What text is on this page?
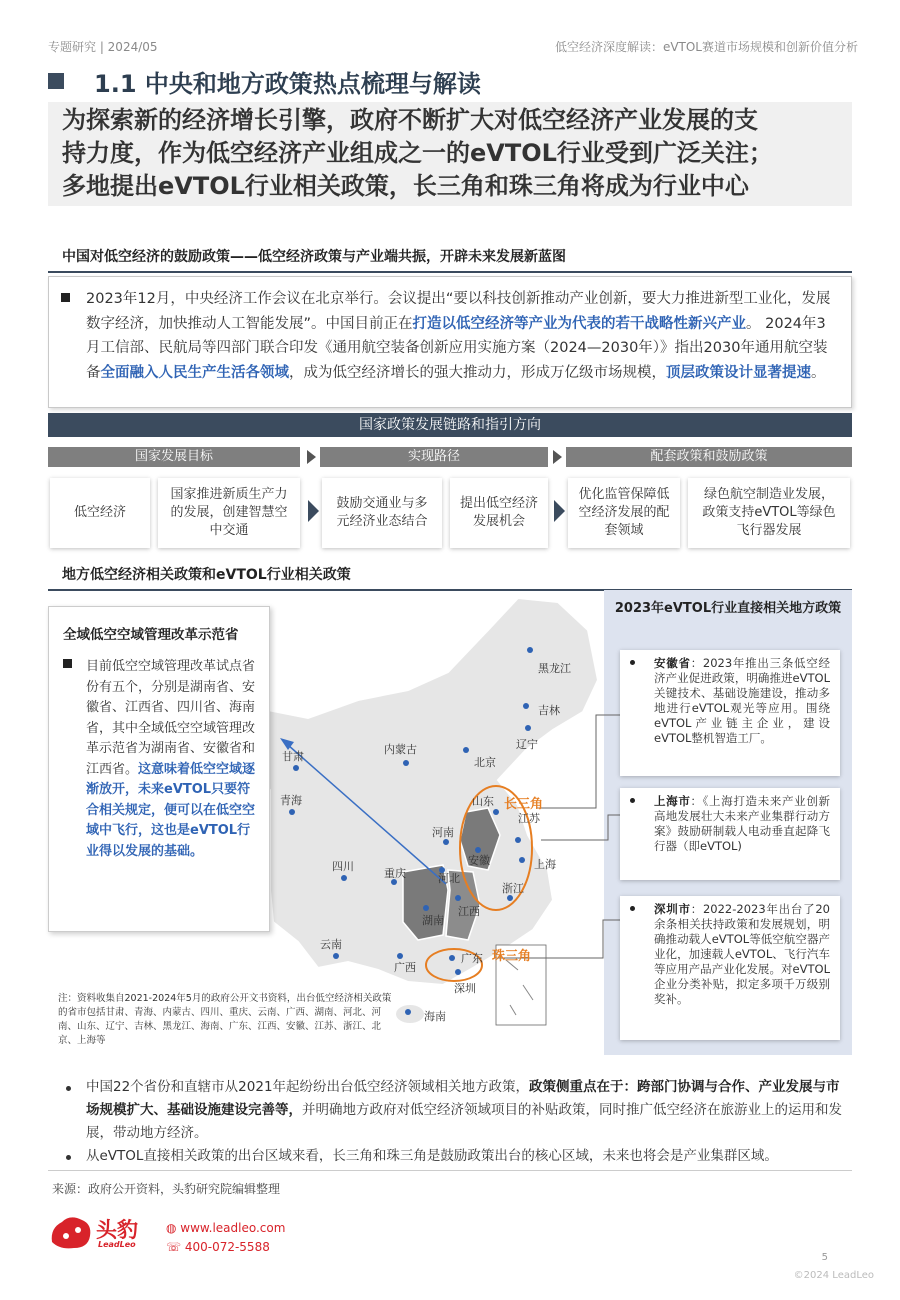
专题研究 | 2024/05	低空经济深度解读：eVTOL赛道市场规模和创新价值分析
1.1 中央和地方政策热点梳理与解读
为探索新的经济增长引擎，政府不断扩大对低空经济产业发展的支
持力度，作为低空经济产业组成之一的eVTOL行业受到广泛关注；
多地提出eVTOL行业相关政策，长三角和珠三角将成为行业中心
中国对低空经济的鼓励政策——低空经济政策与产业端共振，开辟未来发展新蓝图
2023年12月，中央经济工作会议在北京举行。会议提出“要以科技创新推动产业创新，要大力推进新型工业化，发展数字经济，加快推动人工智能发展”。中国目前正在打造以低空经济等产业为代表的若干战略性新兴产业。 2024年3月工信部、民航局等四部门联合印发《通用航空装备创新应用实施方案（2024—2030年）》指出2030年通用航空装备全面融入人民生产生活各领域，成为低空经济增长的强大推动力，形成万亿级市场规模，顶层政策设计显著提速。
国家政策发展链路和指引方向
国家发展目标	实现路径	配套政策和鼓励政策
低空经济
国家推进新质生产力的发展，创建智慧空中交通
鼓励交通业与多元经济业态结合
提出低空经济发展机会
优化监管保障低空经济发展的配套领域
绿色航空制造业发展，政策支持eVTOL等绿色飞行器发展
地方低空经济相关政策和eVTOL行业相关政策
黑龙江
吉林
辽宁
内蒙古
北京
甘肃
青海	山东
河南
江苏
安徽	上海
四川
重庆	河北
浙江
湖南
江西
云南
广东
广西
深圳
海南
长三角
珠三角
全域低空空域管理改革示范省
目前低空空域管理改革试点省份有五个，分别是湖南省、安徽省、江西省、四川省、海南省，其中全域低空空域管理改革示范省为湖南省、安徽省和江西省。这意味着低空空域逐渐放开，未来eVTOL只要符合相关规定，便可以在低空空域中飞行，这也是eVTOL行业得以发展的基础。
注：资料收集自2021-2024年5月的政府公开文书资料，出台低空经济相关政策的省市包括甘肃、青海、内蒙古、四川、重庆、云南、广西、湖南、河北、河南、山东、辽宁、吉林、黑龙江、海南、广东、江西、安徽、江苏、浙江、北京、上海等
2023年eVTOL行业直接相关地方政策
安徽省：2023年推出三条低空经济产业促进政策，明确推进eVTOL关键技术、基础设施建设，推动多地进行eVTOL观光等应用。围绕eVTOL产业链主企业，建设eVTOL整机智造工厂。
上海市：《上海打造未来产业创新高地发展壮大未来产业集群行动方案》鼓励研制载人电动垂直起降飞行器（即eVTOL)
深圳市：2022-2023年出台了20余条相关扶持政策和发展规划，明确推动载人eVTOL等低空航空器产业化，加速载人eVTOL、飞行汽车等应用产品产业化发展。对eVTOL企业分类补贴，拟定多项千万级别奖补。
中国22个省份和直辖市从2021年起纷纷出台低空经济领域相关地方政策，政策侧重点在于：跨部门协调与合作、产业发展与市场规模扩大、基础设施建设完善等，并明确地方政府对低空经济领域项目的补贴政策，同时推广低空经济在旅游业上的运用和发展，带动地方经济。
从eVTOL直接相关政策的出台区域来看，长三角和珠三角是鼓励政策出台的核心区域，未来也将会是产业集群区域。
来源：政府公开资料，头豹研究院编辑整理
头豹
LeadLeo
◍ www.leadleo.com
☏ 400-072-5588
5
©2024 LeadLeo
